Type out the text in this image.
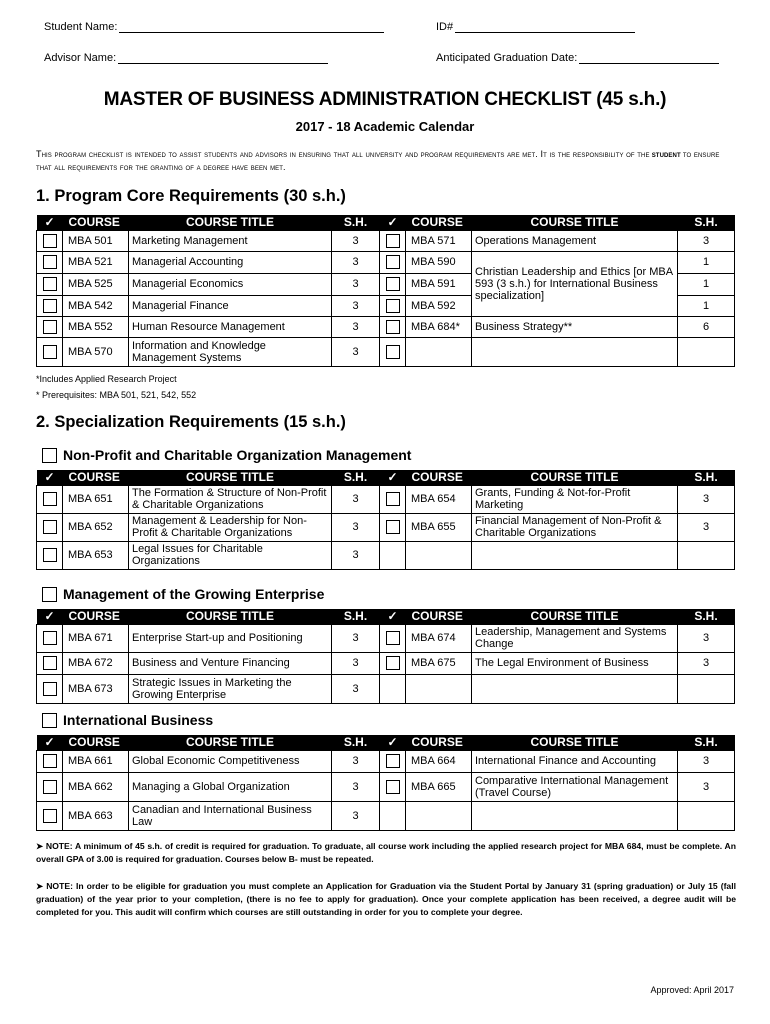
Student Name:	ID#
Advisor Name:	Anticipated Graduation Date:
MASTER OF BUSINESS ADMINISTRATION CHECKLIST (45 s.h.)
2017 - 18 Academic Calendar
This program checklist is intended to assist students and advisors in ensuring that all university and program requirements are met. It is the responsibility of the student to ensure that all requirements for the granting of a degree have been met.
1. Program Core Requirements (30 s.h.)
✓	COURSE	COURSE TITLE	S.H.	✓	COURSE	COURSE TITLE	S.H.

	MBA 501	Marketing Management	3		MBA 571	Operations Management	3

	MBA 521	Managerial Accounting	3		MBA 590	Christian Leadership and Ethics [or MBA 593 (3 s.h.) for International Business specialization]	1

	MBA 525	Managerial Economics	3		MBA 591		1

	MBA 542	Managerial Finance	3		MBA 592		1

	MBA 552	Human Resource Management	3		MBA 684*	Business Strategy**	6

	MBA 570	Information and Knowledge Management Systems	3	

*Includes Applied Research Project
* Prerequisites: MBA 501, 521, 542, 552
2. Specialization Requirements (15 s.h.)
Non-Profit and Charitable Organization Management
✓	COURSE	COURSE TITLE	S.H.	✓	COURSE	COURSE TITLE	S.H.

	MBA 651	The Formation & Structure of Non-Profit & Charitable Organizations	3		MBA 654	Grants, Funding & Not-for-Profit Marketing	3

	MBA 652	Management & Leadership for Non-Profit & Charitable Organizations	3		MBA 655	Financial Management of Non-Profit & Charitable Organizations	3

	MBA 653	Legal Issues for Charitable Organizations	3				
Management of the Growing Enterprise
✓	COURSE	COURSE TITLE	S.H.	✓	COURSE	COURSE TITLE	S.H.

	MBA 671	Enterprise Start-up and Positioning	3		MBA 674	Leadership, Management and Systems Change	3

	MBA 672	Business and Venture Financing	3		MBA 675	The Legal Environment of Business	3

	MBA 673	Strategic Issues in Marketing the Growing Enterprise	3				
International Business
✓	COURSE	COURSE TITLE	S.H.	✓	COURSE	COURSE TITLE	S.H.

	MBA 661	Global Economic Competitiveness	3		MBA 664	International Finance and Accounting	3

	MBA 662	Managing a Global Organization	3		MBA 665	Comparative International Management (Travel Course)	3

	MBA 663	Canadian and International Business Law	3				
➤ NOTE: A minimum of 45 s.h. of credit is required for graduation. To graduate, all course work including the applied research project for MBA 684, must be complete. An overall GPA of 3.00 is required for graduation. Courses below B- must be repeated.
➤ NOTE: In order to be eligible for graduation you must complete an Application for Graduation via the Student Portal by January 31 (spring graduation) or July 15 (fall graduation) of the year prior to your completion, (there is no fee to apply for graduation). Once your complete application has been received, a degree audit will be completed for you. This audit will confirm which courses are still outstanding in order for you to complete your degree.
Approved: April 2017
